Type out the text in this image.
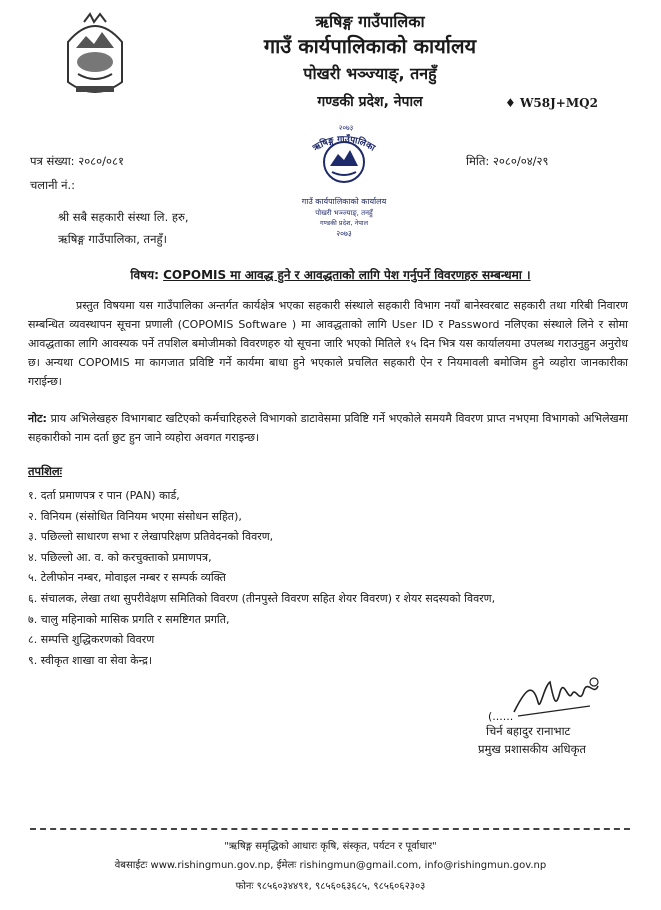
ऋषिङ्ग गाउँपालिका
गाउँ कार्यपालिकाको कार्यालय
पोखरी भञ्ज्याङ्, तनहुँ
गण्डकी प्रदेश, नेपाल	♦ W58J+MQ2
ऋषिङ्ग गाउँपालिका
गाउँ कार्यपालिकाको कार्यालय
पोखरी भञ्ज्याङ्, तनहुँ
गण्डकी प्रदेश, नेपाल
२०७३
२०७३
पत्र संख्या: २०८०/०८१
चलानी नं.:
मिति: २०८०/०४/२९
श्री सबै सहकारी संस्था लि. हरु,
ऋषिङ्ग गाउँपालिका, तनहुँ।
विषय: COPOMIS मा आवद्ध हुने र आवद्धताको लागि पेश गर्नुपर्ने विवरणहरु सम्बन्धमा ।

प्रस्तुत विषयमा यस गाउँपालिका अन्तर्गत कार्यक्षेत्र भएका सहकारी संस्थाले सहकारी विभाग नयाँ बानेस्वरबाट सहकारी तथा गरिबी निवारण सम्बन्धित व्यवस्थापन सूचना प्रणाली (COPOMIS Software ) मा आवद्धताको लागि User ID र Password नलिएका संस्थाले लिने र सोमा आवद्धताका लागि आवस्यक पर्ने तपशिल बमोजीमको विवरणहरु यो सूचना जारि भएको मितिले १५ दिन भित्र यस कार्यालयमा उपलब्ध गराउनुहुन अनुरोध छ। अन्यथा COPOMIS मा कागजात प्रविष्टि गर्ने कार्यमा बाधा हुने भएकाले प्रचलित सहकारी ऐन र नियमावली बमोजिम हुने व्यहोरा जानकारीका गराईन्छ।

नोट: प्राय अभिलेखहरु विभागबाट खटिएको कर्मचारिहरुले विभागको डाटावेसमा प्रविष्टि गर्ने भएकोले समयमै विवरण प्राप्त नभएमा विभागको अभिलेखमा सहकारीको नाम दर्ता छुट हुन जाने व्यहोरा अवगत गराइन्छ।

तपशिलः
१. दर्ता प्रमाणपत्र र पान (PAN) कार्ड,
२. विनियम (संसोधित विनियम भएमा संसोधन सहित),
३. पछिल्लो साधारण सभा र लेखापरिक्षण प्रतिवेदनको विवरण,
४. पछिल्लो आ. व. को करचुक्ताको प्रमाणपत्र,
५. टेलीफोन नम्बर, मोवाइल नम्बर र सम्पर्क व्यक्ति
६. संचालक, लेखा तथा सुपरीवेक्षण समितिको विवरण (तीनपुस्ते विवरण सहित शेयर विवरण) र शेयर सदस्यको विवरण,
७. चालु महिनाको मासिक प्रगति र समष्टिगत प्रगति,
८. सम्पत्ति शुद्धिकरणको विवरण
९. स्वीकृत शाखा वा सेवा केन्द्र।
(......
चिर्न बहादुर रानाभाट
प्रमुख प्रशासकीय अधिकृत
"ऋषिङ्ग समृद्धिको आधारः कृषि, संस्कृत, पर्यटन र पूर्वाधार"
वेबसाईटः www.rishingmun.gov.np, ईमेलः rishingmun@gmail.com, info@rishingmun.gov.np
फोनः ९८५६०३४४९१, ९८५६०६३६८५, ९८५६०६२३०३
